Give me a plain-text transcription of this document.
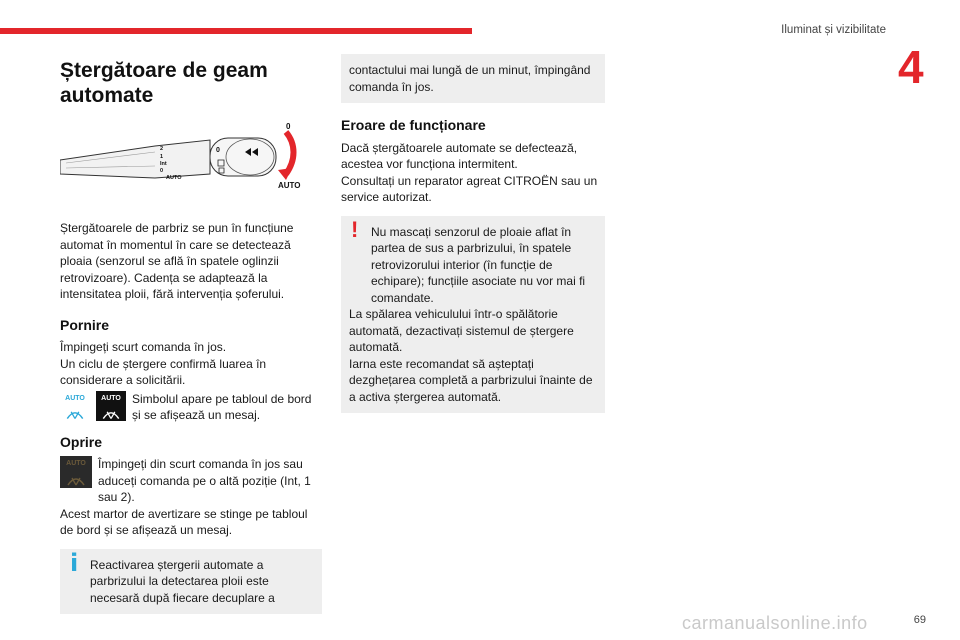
Iluminat și vizibilitate
4
Ștergătoare de geam automate
2
1
Int
0
AUTO
0
0
AUTO

Ștergătoarele de parbriz se pun în funcțiune automat în momentul în care se detectează ploaia (senzorul se află în spatele oglinzii retrovizoare). Cadența se adaptează la intensitatea ploii, fără intervenția șoferului.

Pornire

Împingeți scurt comanda în jos.
Un ciclu de ștergere confirmă luarea în considerare a solicitării.

AUTO AUTO Simbolul apare pe tabloul de bord și se afișează un mesaj.
Oprire
AUTO Împingeți din scurt comanda în jos sau aduceți comanda pe o altă poziție (Int, 1 sau 2).

Acest martor de avertizare se stinge pe tabloul de bord și se afișează un mesaj.

i Reactivarea ștergerii automate a parbrizului la detectarea ploii este necesară după fiecare decuplare a

contactului mai lungă de un minut, împingând comanda în jos.

Eroare de funcționare

Dacă ștergătoarele automate se defectează, acestea vor funcționa intermitent.
Consultați un reparator agreat CITROËN sau un service autorizat.

!	Nu mascați senzorul de ploaie aflat în partea de sus a parbrizului, în spatele retrovizorului interior (în funcție de echipare); funcțiile asociate nu vor mai fi comandate.

La spălarea vehiculului într-o spălătorie automată, dezactivați sistemul de ștergere automată.

Iarna este recomandat să așteptați dezghețarea completă a parbrizului înainte de a activa ștergerea automată.

carmanualsonline.info	69
